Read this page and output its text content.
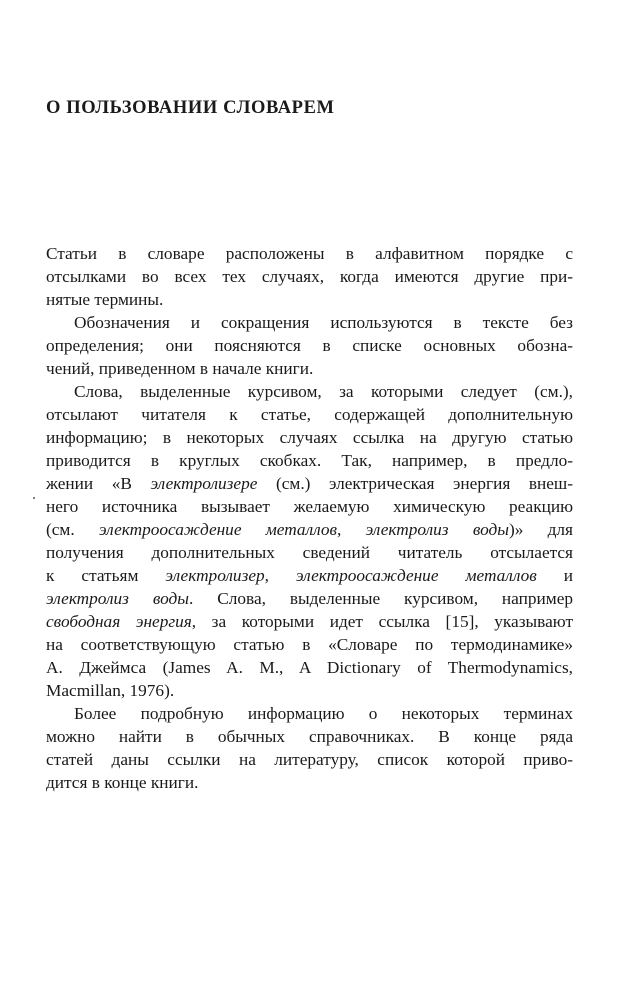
О ПОЛЬЗОВАНИИ СЛОВАРЕМ
Статьи в словаре расположены в алфавитном порядке с
отсылками во всех тех случаях, когда имеются другие при-
нятые термины.
Обозначения и сокращения используются в тексте без
определения; они поясняются в списке основных обозна-
чений, приведенном в начале книги.
Слова, выделенные курсивом, за которыми следует (см.),
отсылают читателя к статье, содержащей дополнительную
информацию; в некоторых случаях ссылка на другую статью
приводится в круглых скобках. Так, например, в предло-
жении «В электролизере (см.) электрическая энергия внеш-
него источника вызывает желаемую химическую реакцию
(см. электроосаждение металлов, электролиз воды)» для
получения дополнительных сведений читатель отсылается
к статьям электролизер, электроосаждение металлов и
электролиз воды. Слова, выделенные курсивом, например
свободная энергия, за которыми идет ссылка [15], указывают
на соответствующую статью в «Словаре по термодинамике»
А. Джеймса (James A. M., A Dictionary of Thermodynamics,
Macmillan, 1976).
Более подробную информацию о некоторых терминах
можно найти в обычных справочниках. В конце ряда
статей даны ссылки на литературу, список которой приво-
дится в конце книги.
